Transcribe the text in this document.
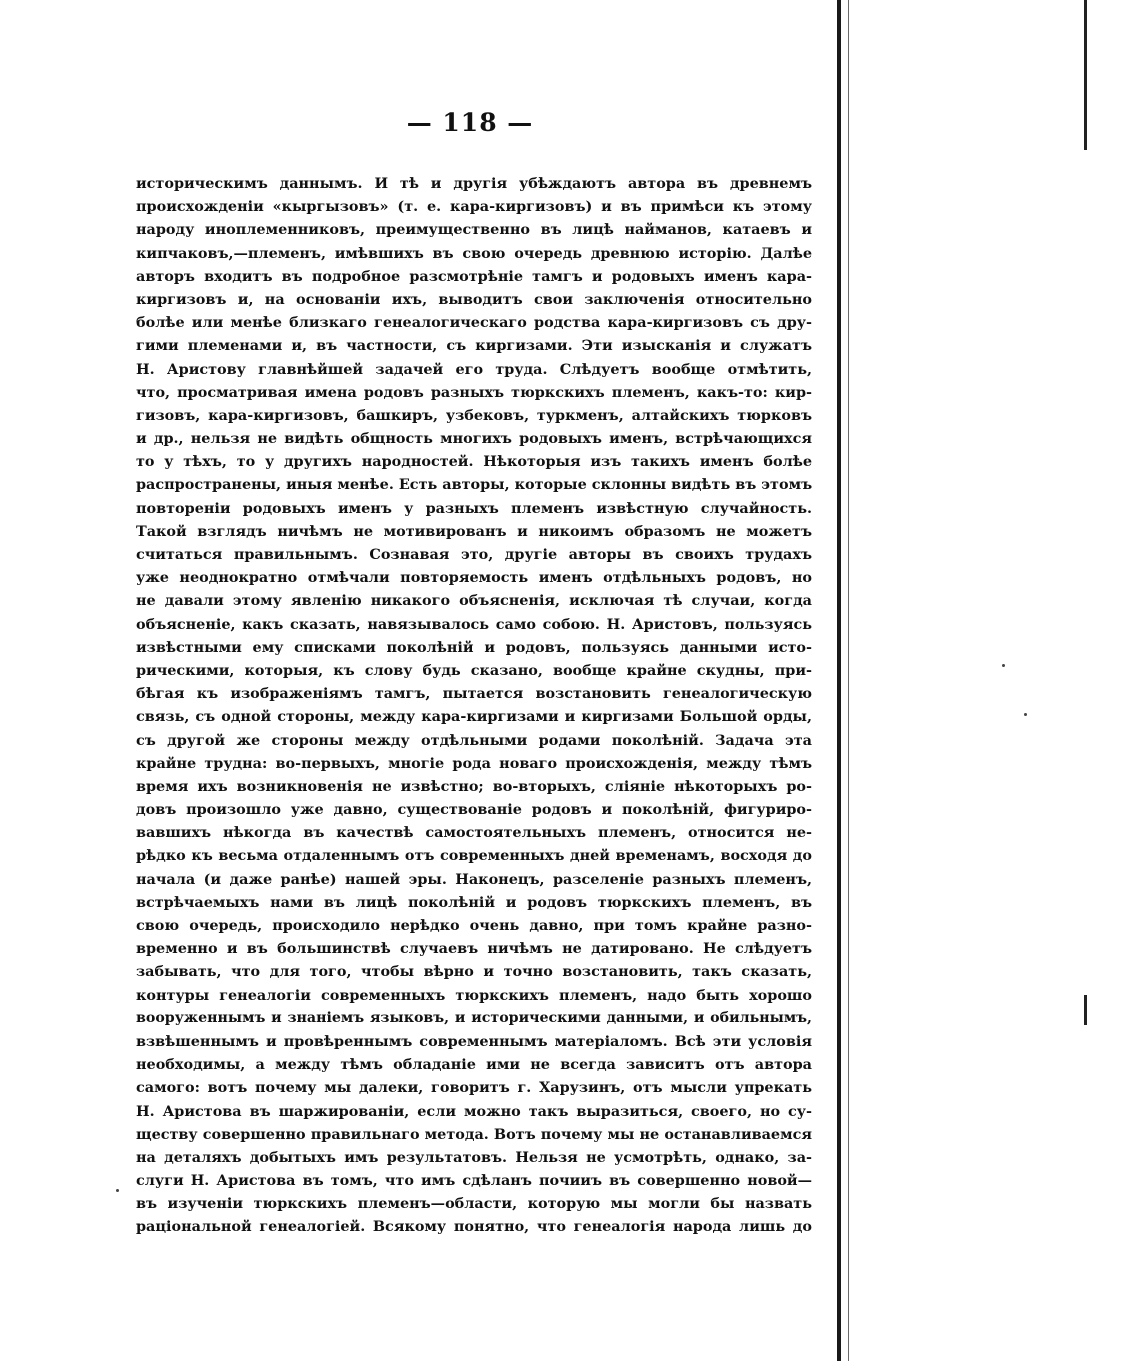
— 118 —
историческимъ даннымъ. И тѣ и другія убѣждаютъ автора въ древнемъ
происхожденіи «кыргызовъ» (т. е. кара-киргизовъ) и въ примѣси къ этому
народу иноплеменниковъ, преимущественно въ лицѣ найманов, катаевъ и
кипчаковъ,—племенъ, имѣвшихъ въ свою очередь древнюю исторію. Далѣе
авторъ входитъ въ подробное разсмотрѣніе тамгъ и родовыхъ именъ кара-
киргизовъ и, на основаніи ихъ, выводитъ свои заключенія относительно
болѣе или менѣе близкаго генеалогическаго родства кара-киргизовъ съ дру-
гими племенами и, въ частности, съ киргизами. Эти изысканія и служатъ
Н. Аристову главнѣйшей задачей его труда. Слѣдуетъ вообще отмѣтить,
что, просматривая имена родовъ разныхъ тюркскихъ племенъ, какъ-то: кир-
гизовъ, кара-киргизовъ, башкиръ, узбековъ, туркменъ, алтайскихъ тюрковъ
и др., нельзя не видѣть общность многихъ родовыхъ именъ, встрѣчающихся
то у тѣхъ, то у другихъ народностей. Нѣкоторыя изъ такихъ именъ болѣе
распространены, иныя менѣе. Есть авторы, которые склонны видѣть въ этомъ
повтореніи родовыхъ именъ у разныхъ племенъ извѣстную случайность.
Такой взглядъ ничѣмъ не мотивированъ и никоимъ образомъ не можетъ
считаться правильнымъ. Сознавая это, другіе авторы въ своихъ трудахъ
уже неоднократно отмѣчали повторяемость именъ отдѣльныхъ родовъ, но
не давали этому явленію никакого объясненія, исключая тѣ случаи, когда
объясненіе, какъ сказать, навязывалось само собою. Н. Аристовъ, пользуясь
извѣстными ему списками поколѣній и родовъ, пользуясь данными исто-
рическими, которыя, къ слову будь сказано, вообще крайне скудны, при-
бѣгая къ изображеніямъ тамгъ, пытается возстановить генеалогическую
связь, съ одной стороны, между кара-киргизами и киргизами Большой орды,
съ другой же стороны между отдѣльными родами поколѣній. Задача эта
крайне трудна: во-первыхъ, многіе рода новаго происхожденія, между тѣмъ
время ихъ возникновенія не извѣстно; во-вторыхъ, сліяніе нѣкоторыхъ ро-
довъ произошло уже давно, существованіе родовъ и поколѣній, фигуриро-
вавшихъ нѣкогда въ качествѣ самостоятельныхъ племенъ, относится не-
рѣдко къ весьма отдаленнымъ отъ современныхъ дней временамъ, восходя до
начала (и даже ранѣе) нашей эры. Наконецъ, разселеніе разныхъ племенъ,
встрѣчаемыхъ нами въ лицѣ поколѣній и родовъ тюркскихъ племенъ, въ
свою очередь, происходило нерѣдко очень давно, при томъ крайне разно-
временно и въ большинствѣ случаевъ ничѣмъ не датировано. Не слѣдуетъ
забывать, что для того, чтобы вѣрно и точно возстановить, такъ сказать,
контуры генеалогіи современныхъ тюркскихъ племенъ, надо быть хорошо
вооруженнымъ и знаніемъ языковъ, и историческими данными, и обильнымъ,
взвѣшеннымъ и провѣреннымъ современнымъ матеріаломъ. Всѣ эти условія
необходимы, а между тѣмъ обладаніе ими не всегда зависитъ отъ автора
самого: вотъ почему мы далеки, говоритъ г. Харузинъ, отъ мысли упрекать
Н. Аристова въ шаржированіи, если можно такъ выразиться, своего, но су-
ществу совершенно правильнаго метода. Вотъ почему мы не останавливаемся
на деталяхъ добытыхъ имъ результатовъ. Нельзя не усмотрѣть, однако, за-
слуги Н. Аристова въ томъ, что имъ сдѣланъ почииъ въ совершенно новой—
въ изученіи тюркскихъ племенъ—области, которую мы могли бы назвать
раціональной генеалогіей. Всякому понятно, что генеалогія народа лишь до
